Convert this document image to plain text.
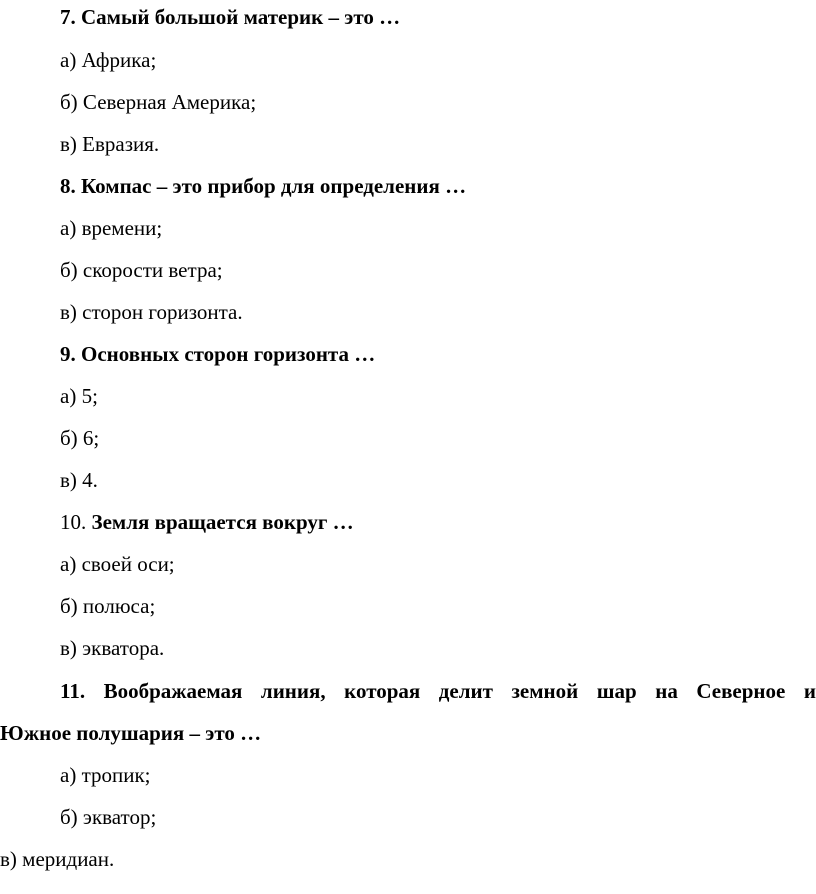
7. Самый большой материк – это …
а) Африка;
б) Северная Америка;
в) Евразия.
8. Компас – это прибор для определения …
а) времени;
б) скорости ветра;
в) сторон горизонта.
9. Основных сторон горизонта …
а) 5;
б) 6;
в) 4.
10. Земля вращается вокруг …
а) своей оси;
б) полюса;
в) экватора.
11. Воображаемая линия, которая делит земной шар на Северное и
Южное полушария – это …
а) тропик;
б) экватор;
в) меридиан.
